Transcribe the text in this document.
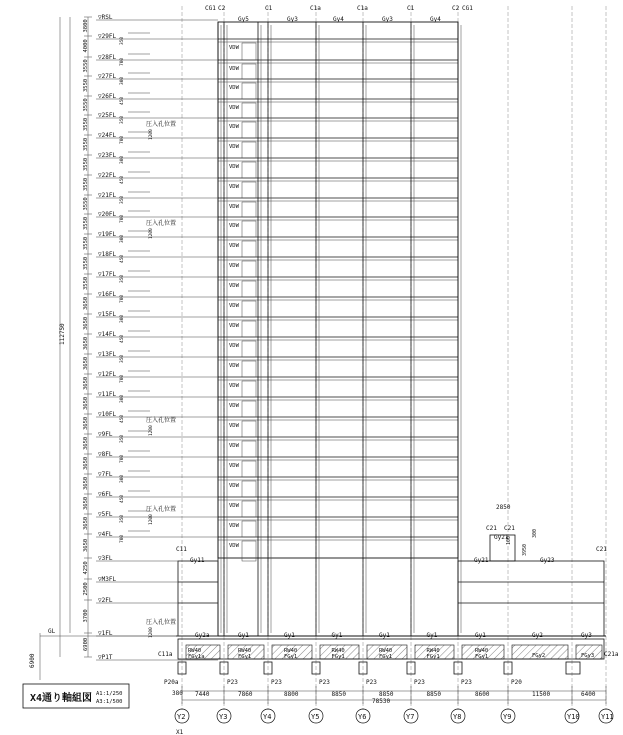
Y2	Y3	Y4	Y5	Y6	Y7	Y8	Y9	Y10	Y11
▽RSL
3800
▽29FL
4000
▽28FL
3550
▽27FL
3550
▽26FL
3550
▽25FL
3550
▽24FL
3550
▽23FL
3550
▽22FL
3550
▽21FL
3550
▽20FL
3550
▽19FL
3550
▽18FL
3550
▽17FL
3550
▽16FL
3650
▽15FL
3650
▽14FL
3650
▽13FL
3650
▽12FL
3650
▽11FL
3650
▽10FL
3650
▽9FL
3650
▽8FL
3650
▽7FL
3650
▽6FL
3650
▽5FL
3650
▽4FL
3650
▽3FL
4250
▽M3FL
2500
▽2FL
3700
▽1FL
6900
▽P1T
350
700
300
450
350
700
300
450
350
700
300
450
350
700
300
450
350
700
300
450
350
700
300
450
350
700
7440	7860	8800	8850	8850	8850	8600	11500	6400
CG1 C2
Gy5
C1
Gy3
C1a
Gy4
C1a
Gy3
C1
Gy4
C2 CG1
VDW
VDW
VDW
VDW
VDW
VDW
VDW
VDW
VDW
VDW
VDW
VDW
VDW
VDW
VDW
VDW
VDW
VDW
VDW
VDW
VDW
VDW
VDW
VDW
VDW
VDW
圧入孔位置
1200
圧入孔位置
1200
圧入孔位置
1200
圧入孔位置
1200
圧入孔位置
1200
C11
Gy11
C21
C21 C21
Gy21
Gy23
Gy21
2850
3950
100
300
Gy2a
RW40
FGy1a
Gy1
RW40
FGy1
Gy1
RW40
FGy1
Gy1
RW40
FGy1
Gy1
RW40
FGy1
Gy1
RW40
FGy1
Gy1
RW40
FGy1
Gy2
FGy2
Gy3
FGy3
C11a	C21a
P20a	P23	P23	P23	P23	P23	P23	P20
112750
6900
GL
78530
380
X1
X4通り軸組図 A1:1/250
A3:1/500
